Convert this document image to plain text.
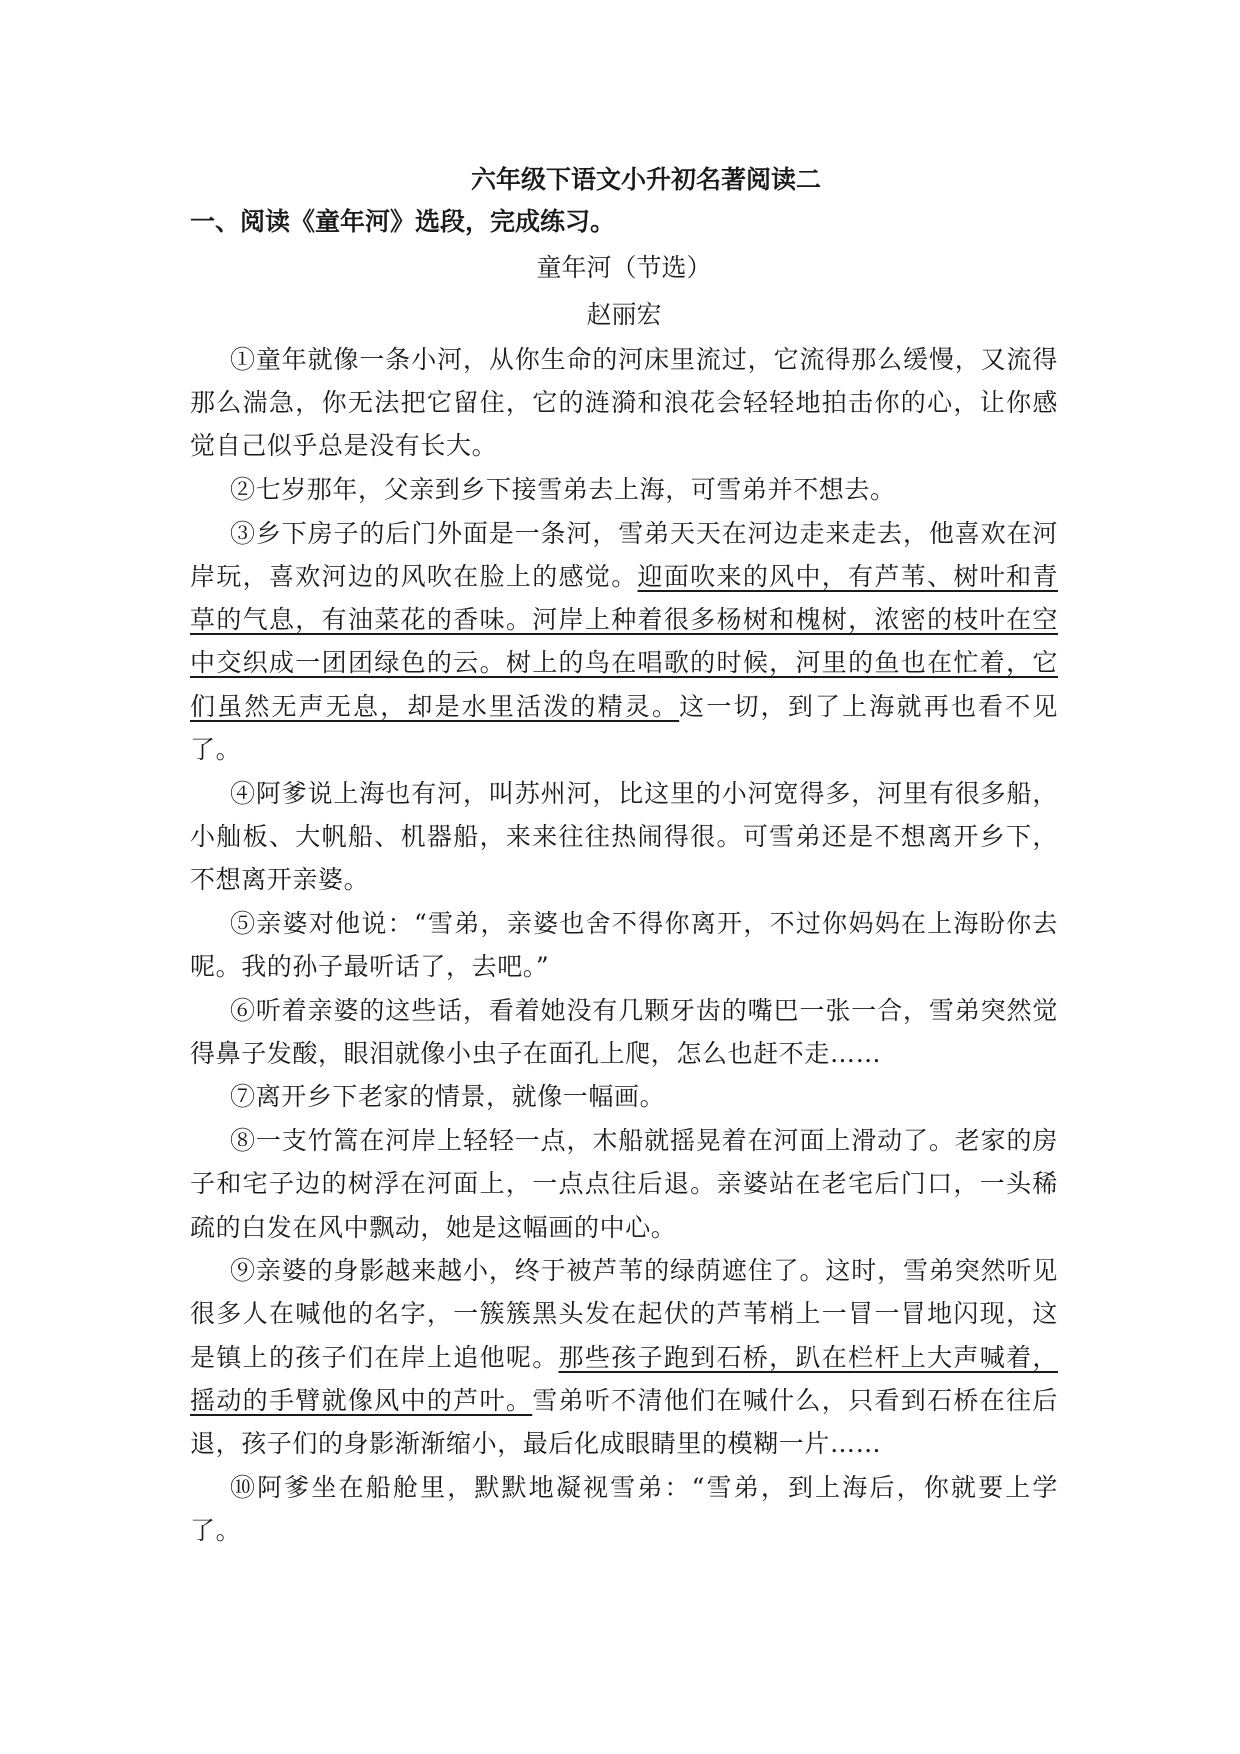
六年级下语文小升初名著阅读二
一、阅读《童年河》选段，完成练习。
童年河（节选）
赵丽宏

①童年就像一条小河，从你生命的河床里流过，它流得那么缓慢，又流得那么湍急，你无法把它留住，它的涟漪和浪花会轻轻地拍击你的心，让你感觉自己似乎总是没有长大。

②七岁那年，父亲到乡下接雪弟去上海，可雪弟并不想去。

③乡下房子的后门外面是一条河，雪弟天天在河边走来走去，他喜欢在河岸玩，喜欢河边的风吹在脸上的感觉。迎面吹来的风中，有芦苇、树叶和青草的气息，有油菜花的香味。河岸上种着很多杨树和槐树，浓密的枝叶在空中交织成一团团绿色的云。树上的鸟在唱歌的时候，河里的鱼也在忙着，它们虽然无声无息，却是水里活泼的精灵。这一切，到了上海就再也看不见了。

④阿爹说上海也有河，叫苏州河，比这里的小河宽得多，河里有很多船，小舢板、大帆船、机器船，来来往往热闹得很。可雪弟还是不想离开乡下，不想离开亲婆。

⑤亲婆对他说：“雪弟，亲婆也舍不得你离开，不过你妈妈在上海盼你去呢。我的孙子最听话了，去吧。”

⑥听着亲婆的这些话，看着她没有几颗牙齿的嘴巴一张一合，雪弟突然觉得鼻子发酸，眼泪就像小虫子在面孔上爬，怎么也赶不走……

⑦离开乡下老家的情景，就像一幅画。

⑧一支竹篙在河岸上轻轻一点，木船就摇晃着在河面上滑动了。老家的房子和宅子边的树浮在河面上，一点点往后退。亲婆站在老宅后门口，一头稀疏的白发在风中飘动，她是这幅画的中心。

⑨亲婆的身影越来越小，终于被芦苇的绿荫遮住了。这时，雪弟突然听见很多人在喊他的名字，一簇簇黑头发在起伏的芦苇梢上一冒一冒地闪现，这是镇上的孩子们在岸上追他呢。那些孩子跑到石桥，趴在栏杆上大声喊着，摇动的手臂就像风中的芦叶。雪弟听不清他们在喊什么，只看到石桥在往后退，孩子们的身影渐渐缩小，最后化成眼睛里的模糊一片……

⑩阿爹坐在船舱里，默默地凝视雪弟：“雪弟，到上海后，你就要上学了。
